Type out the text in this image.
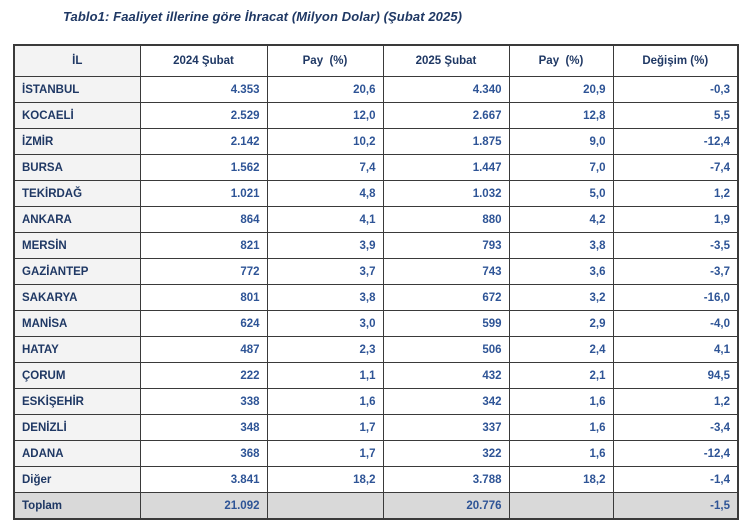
Tablo1: Faaliyet illerine göre İhracat (Milyon Dolar) (Şubat 2025)
İL	2024 Şubat	Pay  (%)	2025 Şubat	Pay  (%)	Değişim (%)
İSTANBUL	4.353	20,6	4.340	20,9	-0,3
KOCAELİ	2.529	12,0	2.667	12,8	5,5
İZMİR	2.142	10,2	1.875	9,0	-12,4
BURSA	1.562	7,4	1.447	7,0	-7,4
TEKİRDAĞ	1.021	4,8	1.032	5,0	1,2
ANKARA	864	4,1	880	4,2	1,9
MERSİN	821	3,9	793	3,8	-3,5
GAZİANTEP	772	3,7	743	3,6	-3,7
SAKARYA	801	3,8	672	3,2	-16,0
MANİSA	624	3,0	599	2,9	-4,0
HATAY	487	2,3	506	2,4	4,1
ÇORUM	222	1,1	432	2,1	94,5
ESKİŞEHİR	338	1,6	342	1,6	1,2
DENİZLİ	348	1,7	337	1,6	-3,4
ADANA	368	1,7	322	1,6	-12,4
Diğer	3.841	18,2	3.788	18,2	-1,4
Toplam	21.092		20.776		-1,5
